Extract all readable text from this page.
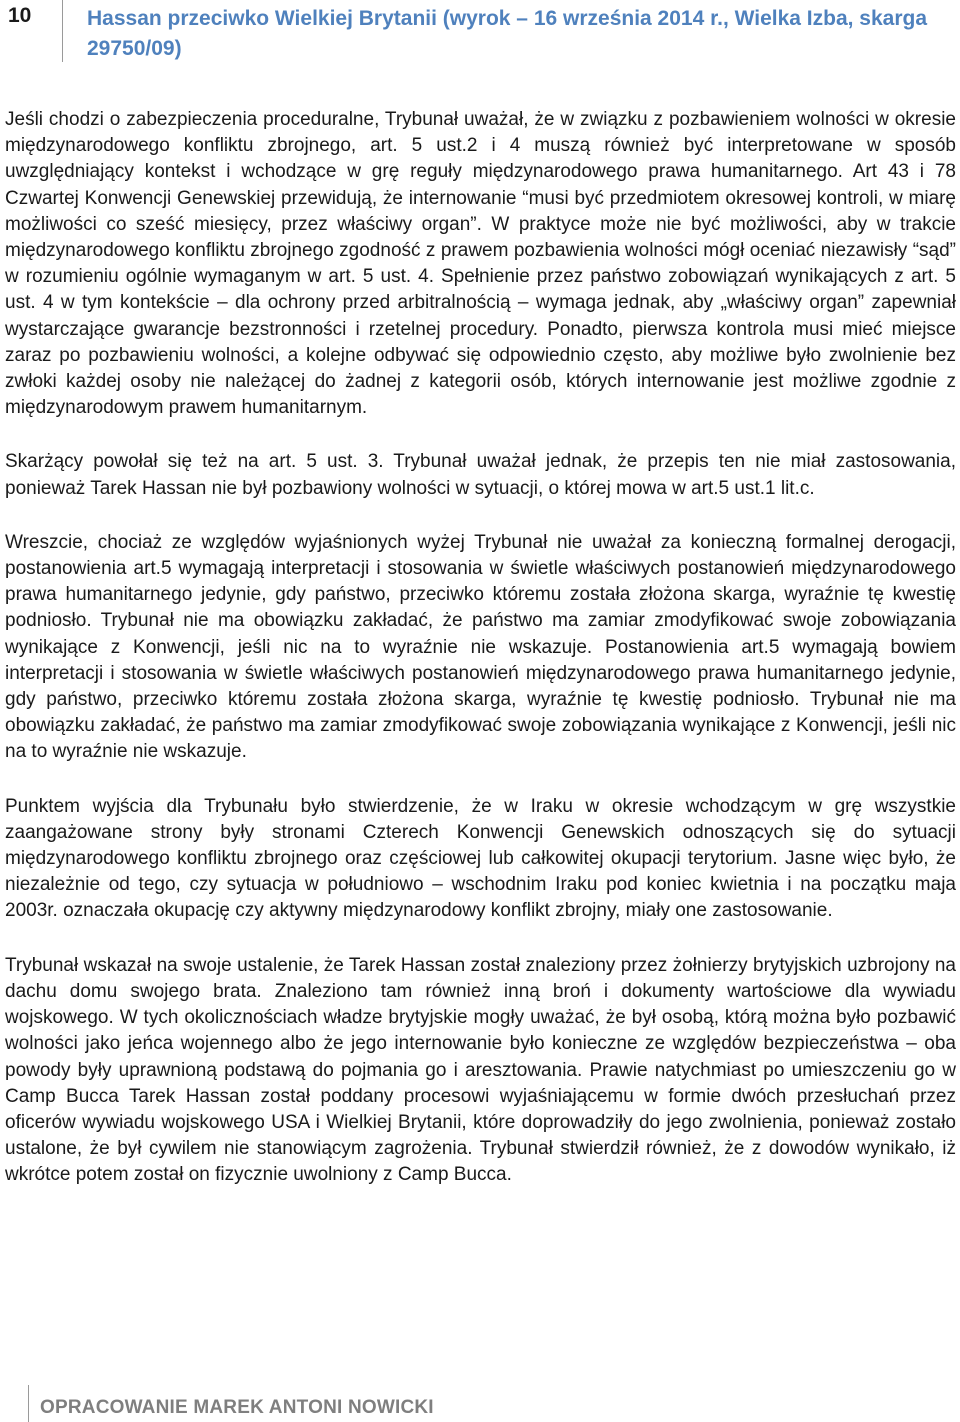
10	Hassan przeciwko Wielkiej Brytanii (wyrok – 16 września 2014 r., Wielka Izba, skarga 29750/09)

Jeśli chodzi o zabezpieczenia proceduralne, Trybunał uważał, że w związku z pozbawieniem wolności w okresie międzynarodowego konfliktu zbrojnego, art. 5 ust.2 i 4 muszą również być interpretowane w sposób uwzględniający kontekst i wchodzące w grę reguły międzynarodowego prawa humanitarnego. Art 43 i 78 Czwartej Konwencji Genewskiej przewidują, że internowanie “musi być przedmiotem okresowej kontroli, w miarę możliwości co sześć miesięcy, przez właściwy organ”. W praktyce może nie być możliwości, aby w trakcie międzynarodowego konfliktu zbrojnego zgodność z prawem pozbawienia wolności mógł oceniać niezawisły “sąd” w rozumieniu ogólnie wymaganym w art. 5 ust. 4. Spełnienie przez państwo zobowiązań wynikających z art. 5 ust. 4 w tym kontekście – dla ochrony przed arbitralnością – wymaga jednak, aby „właściwy organ” zapewniał wystarczające gwarancje bezstronności i rzetelnej procedury. Ponadto, pierwsza kontrola musi mieć miejsce zaraz po pozbawieniu wolności, a kolejne odbywać się odpowiednio często, aby możliwe było zwolnienie bez zwłoki każdej osoby nie należącej do żadnej z kategorii osób, których internowanie jest możliwe zgodnie z międzynarodowym prawem humanitarnym.

Skarżący powołał się też na art. 5 ust. 3. Trybunał uważał jednak, że przepis ten nie miał zastosowania, ponieważ Tarek Hassan nie był pozbawiony wolności w sytuacji, o której mowa w art.5 ust.1 lit.c.

Wreszcie, chociaż ze względów wyjaśnionych wyżej Trybunał nie uważał za konieczną formalnej derogacji, postanowienia art.5 wymagają interpretacji i stosowania w świetle właściwych postanowień międzynarodowego prawa humanitarnego jedynie, gdy państwo, przeciwko któremu została złożona skarga, wyraźnie tę kwestię podniosło. Trybunał nie ma obowiązku zakładać, że państwo ma zamiar zmodyfikować swoje zobowiązania wynikające z Konwencji, jeśli nic na to wyraźnie nie wskazuje. Postanowienia art.5 wymagają bowiem interpretacji i stosowania w świetle właściwych postanowień międzynarodowego prawa humanitarnego jedynie, gdy państwo, przeciwko któremu została złożona skarga, wyraźnie tę kwestię podniosło. Trybunał nie ma obowiązku zakładać, że państwo ma zamiar zmodyfikować swoje zobowiązania wynikające z Konwencji, jeśli nic na to wyraźnie nie wskazuje.

Punktem wyjścia dla Trybunału było stwierdzenie, że w Iraku w okresie wchodzącym w grę wszystkie zaangażowane strony były stronami Czterech Konwencji Genewskich odnoszących się do sytuacji międzynarodowego konfliktu zbrojnego oraz częściowej lub całkowitej okupacji terytorium. Jasne więc było, że niezależnie od tego, czy sytuacja w południowo – wschodnim Iraku pod koniec kwietnia i na początku maja 2003r. oznaczała okupację czy aktywny międzynarodowy konflikt zbrojny, miały one zastosowanie.

Trybunał wskazał na swoje ustalenie, że Tarek Hassan został znaleziony przez żołnierzy brytyjskich uzbrojony na dachu domu swojego brata. Znaleziono tam również inną broń i dokumenty wartościowe dla wywiadu wojskowego. W tych okolicznościach władze brytyjskie mogły uważać, że był osobą, którą można było pozbawić wolności jako jeńca wojennego albo że jego internowanie było konieczne ze względów bezpieczeństwa – oba powody były uprawnioną podstawą do pojmania go i aresztowania. Prawie natychmiast po umieszczeniu go w Camp Bucca Tarek Hassan został poddany procesowi wyjaśniającemu w formie dwóch przesłuchań przez oficerów wywiadu wojskowego USA i Wielkiej Brytanii, które doprowadziły do jego zwolnienia, ponieważ zostało ustalone, że był cywilem nie stanowiącym zagrożenia. Trybunał stwierdził również, że z dowodów wynikało, iż wkrótce potem został on fizycznie uwolniony z Camp Bucca.

OPRACOWANIE MAREK ANTONI NOWICKI
